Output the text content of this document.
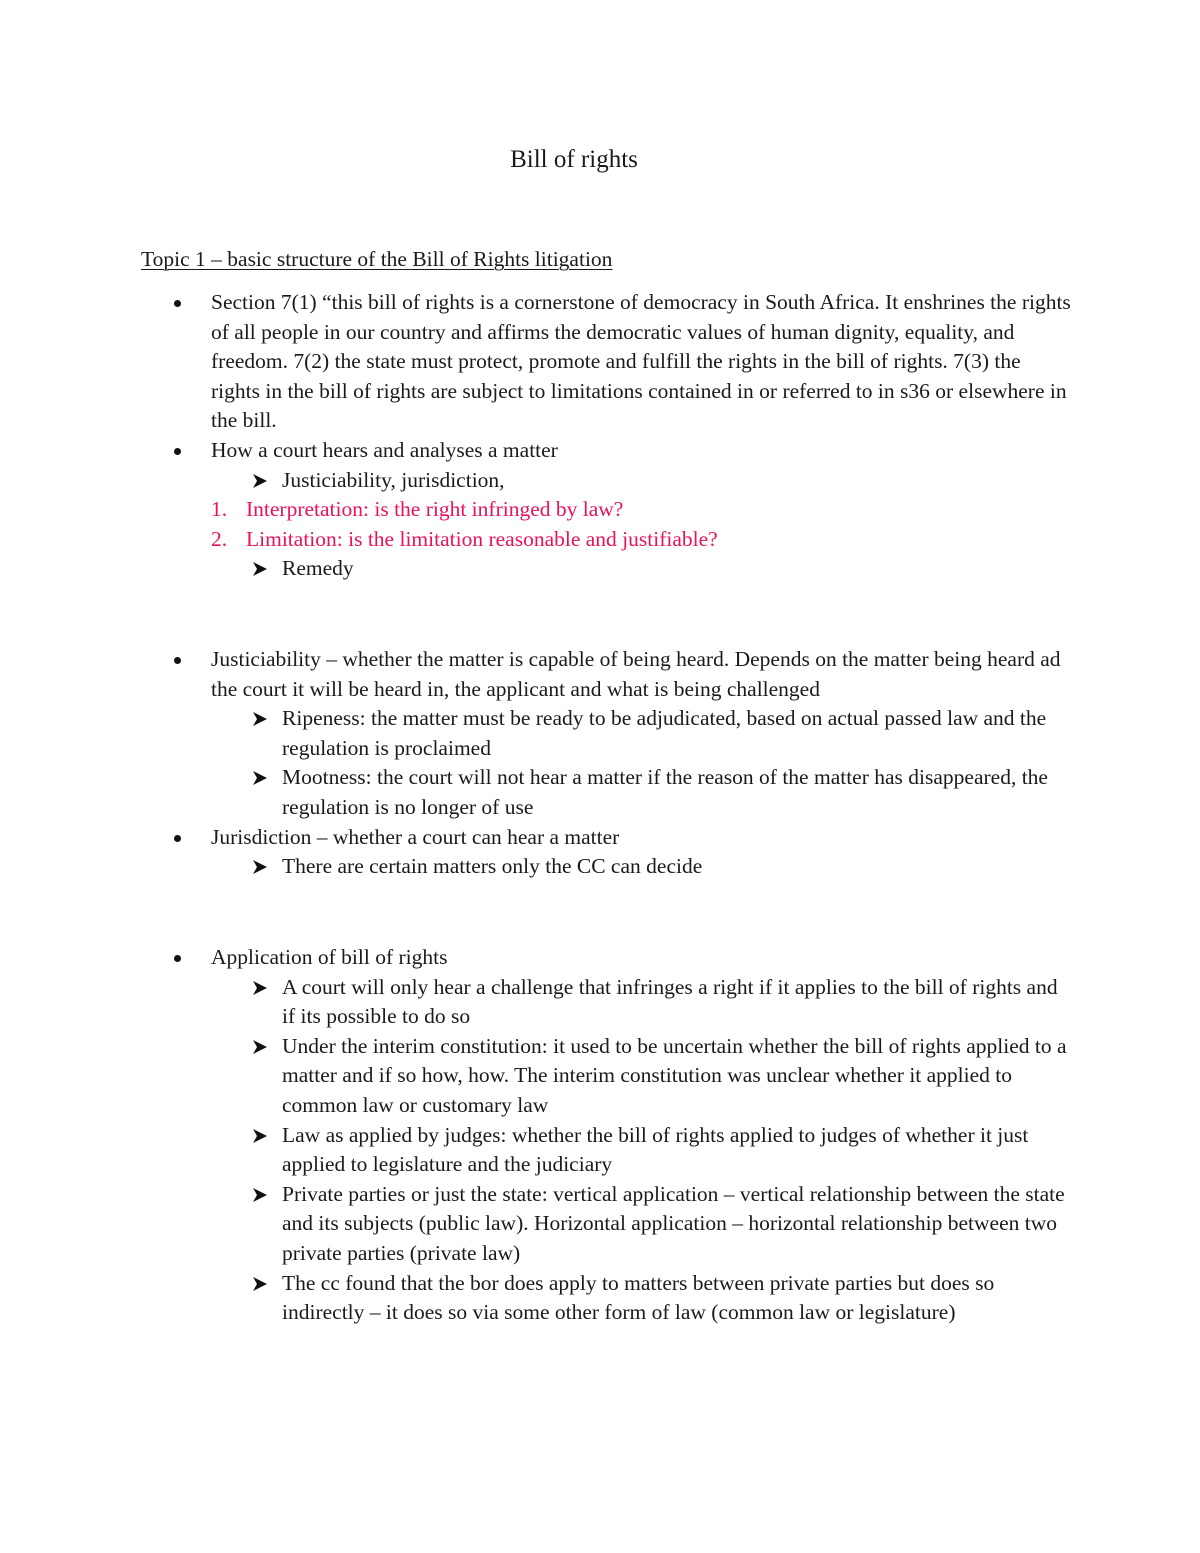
Bill of rights
Topic 1 – basic structure of the Bill of Rights litigation
Section 7(1) “this bill of rights is a cornerstone of democracy in South Africa. It enshrines the rights of all people in our country and affirms the democratic values of human dignity, equality, and freedom. 7(2) the state must protect, promote and fulfill the rights in the bill of rights. 7(3) the rights in the bill of rights are subject to limitations contained in or referred to in s36 or elsewhere in the bill.
How a court hears and analyses a matter
Justiciability, jurisdiction,
1. Interpretation: is the right infringed by law?
2. Limitation: is the limitation reasonable and justifiable?
Remedy
Justiciability – whether the matter is capable of being heard. Depends on the matter being heard ad the court it will be heard in, the applicant and what is being challenged
Ripeness: the matter must be ready to be adjudicated, based on actual passed law and the regulation is proclaimed
Mootness: the court will not hear a matter if the reason of the matter has disappeared, the regulation is no longer of use
Jurisdiction – whether a court can hear a matter
There are certain matters only the CC can decide
Application of bill of rights
A court will only hear a challenge that infringes a right if it applies to the bill of rights and if its possible to do so
Under the interim constitution: it used to be uncertain whether the bill of rights applied to a matter and if so how, how. The interim constitution was unclear whether it applied to common law or customary law
Law as applied by judges: whether the bill of rights applied to judges of whether it just applied to legislature and the judiciary
Private parties or just the state: vertical application – vertical relationship between the state and its subjects (public law). Horizontal application – horizontal relationship between two private parties (private law)
The cc found that the bor does apply to matters between private parties but does so indirectly – it does so via some other form of law (common law or legislature)
